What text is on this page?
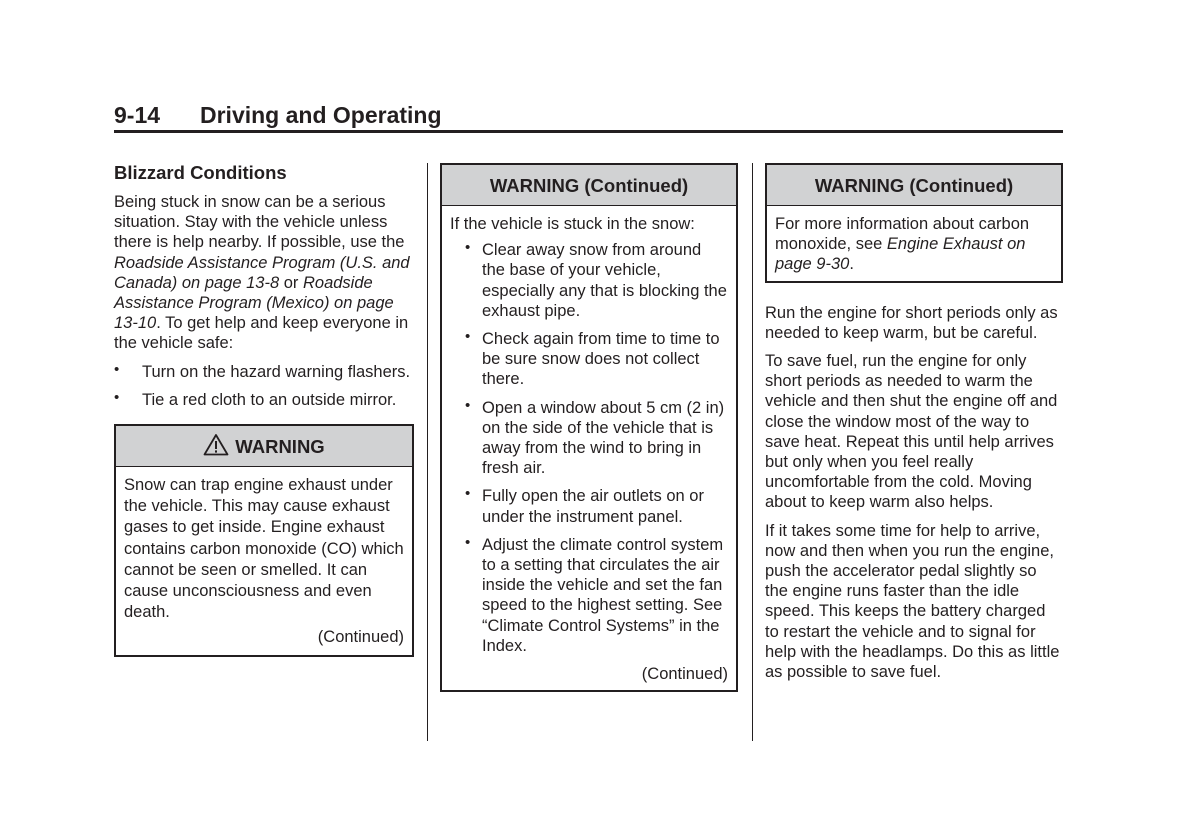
9-14 Driving and Operating
Blizzard Conditions

Being stuck in snow can be a serious situation. Stay with the vehicle unless there is help nearby. If possible, use the Roadside Assistance Program (U.S. and Canada) on page 13-8 or Roadside Assistance Program (Mexico) on page 13-10. To get help and keep everyone in the vehicle safe:

• Turn on the hazard warning flashers.
• Tie a red cloth to an outside mirror.
WARNING
Snow can trap engine exhaust under the vehicle. This may cause exhaust gases to get inside. Engine exhaust contains carbon monoxide (CO) which cannot be seen or smelled. It can cause unconsciousness and even death.
(Continued)
WARNING (Continued)
If the vehicle is stuck in the snow:
• Clear away snow from around the base of your vehicle, especially any that is blocking the exhaust pipe.
• Check again from time to time to be sure snow does not collect there.
• Open a window about 5 cm (2 in) on the side of the vehicle that is away from the wind to bring in fresh air.
• Fully open the air outlets on or under the instrument panel.
• Adjust the climate control system to a setting that circulates the air inside the vehicle and set the fan speed to the highest setting. See “Climate Control Systems” in the Index.
(Continued)
WARNING (Continued)
For more information about carbon monoxide, see Engine Exhaust on page 9-30.

Run the engine for short periods only as needed to keep warm, but be careful.

To save fuel, run the engine for only short periods as needed to warm the vehicle and then shut the engine off and close the window most of the way to save heat. Repeat this until help arrives but only when you feel really uncomfortable from the cold. Moving about to keep warm also helps.

If it takes some time for help to arrive, now and then when you run the engine, push the accelerator pedal slightly so the engine runs faster than the idle speed. This keeps the battery charged to restart the vehicle and to signal for help with the headlamps. Do this as little as possible to save fuel.
